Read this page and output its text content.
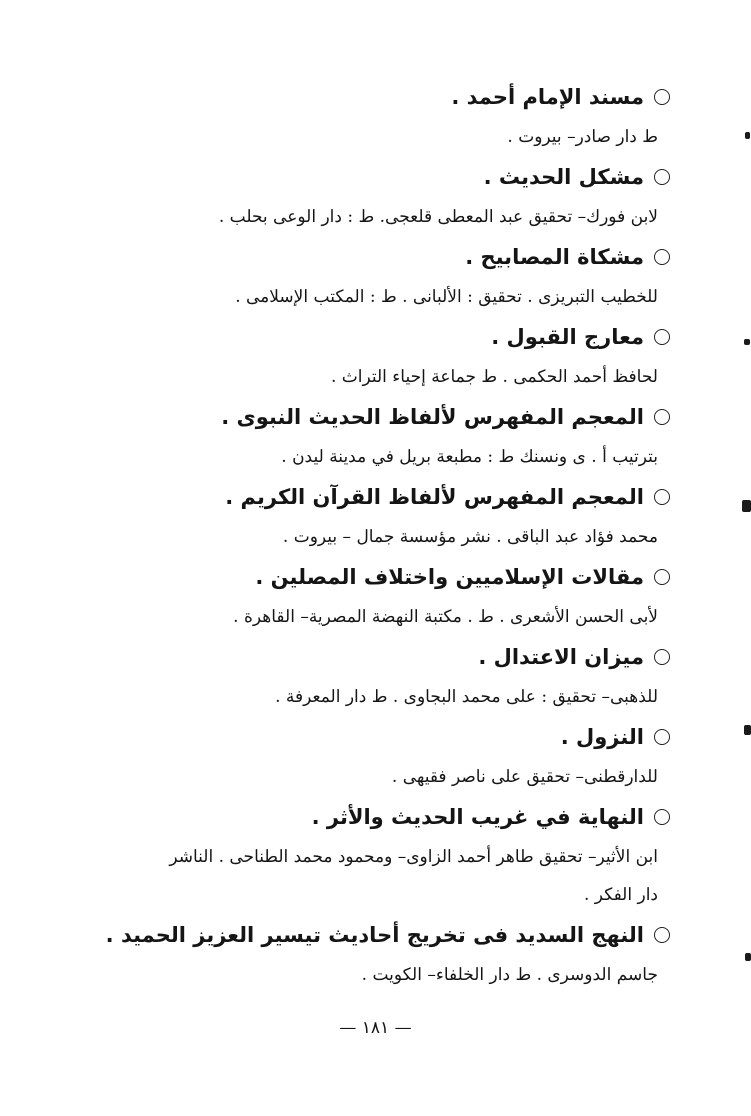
مسند الإمام أحمد .
ط دار صادر– بيروت .
مشكل الحديث .
لابن فورك– تحقيق عبد المعطى قلعجى. ط : دار الوعى بحلب .
مشكاة المصابيح .
للخطيب التبريزى . تحقيق : الألبانى . ط : المكتب الإسلامى .
معارج القبول .
لحافظ أحمد الحكمى . ط جماعة إحياء التراث .
المعجم المفهرس لألفاظ الحديث النبوى .
بترتيب أ . ى ونسنك ط : مطبعة بريل في مدينة ليدن .
المعجم المفهرس لألفاظ القرآن الكريم .
محمد فؤاد عبد الباقى . نشر مؤسسة جمال – بيروت .
مقالات الإسلاميين واختلاف المصلين .
لأبى الحسن الأشعرى . ط . مكتبة النهضة المصرية– القاهرة .
ميزان الاعتدال .
للذهبى– تحقيق : على محمد البجاوى . ط دار المعرفة .
النزول .
للدارقطنى– تحقيق على ناصر فقيهى .
النهاية في غريب الحديث والأثر .
ابن الأثير– تحقيق طاهر أحمد الزاوى– ومحمود محمد الطناحى . الناشر
دار الفكر .
النهج السديد فى تخريج أحاديث تيسير العزيز الحميد .
جاسم الدوسرى . ط دار الخلفاء– الكويت .
— ١٨١ —
